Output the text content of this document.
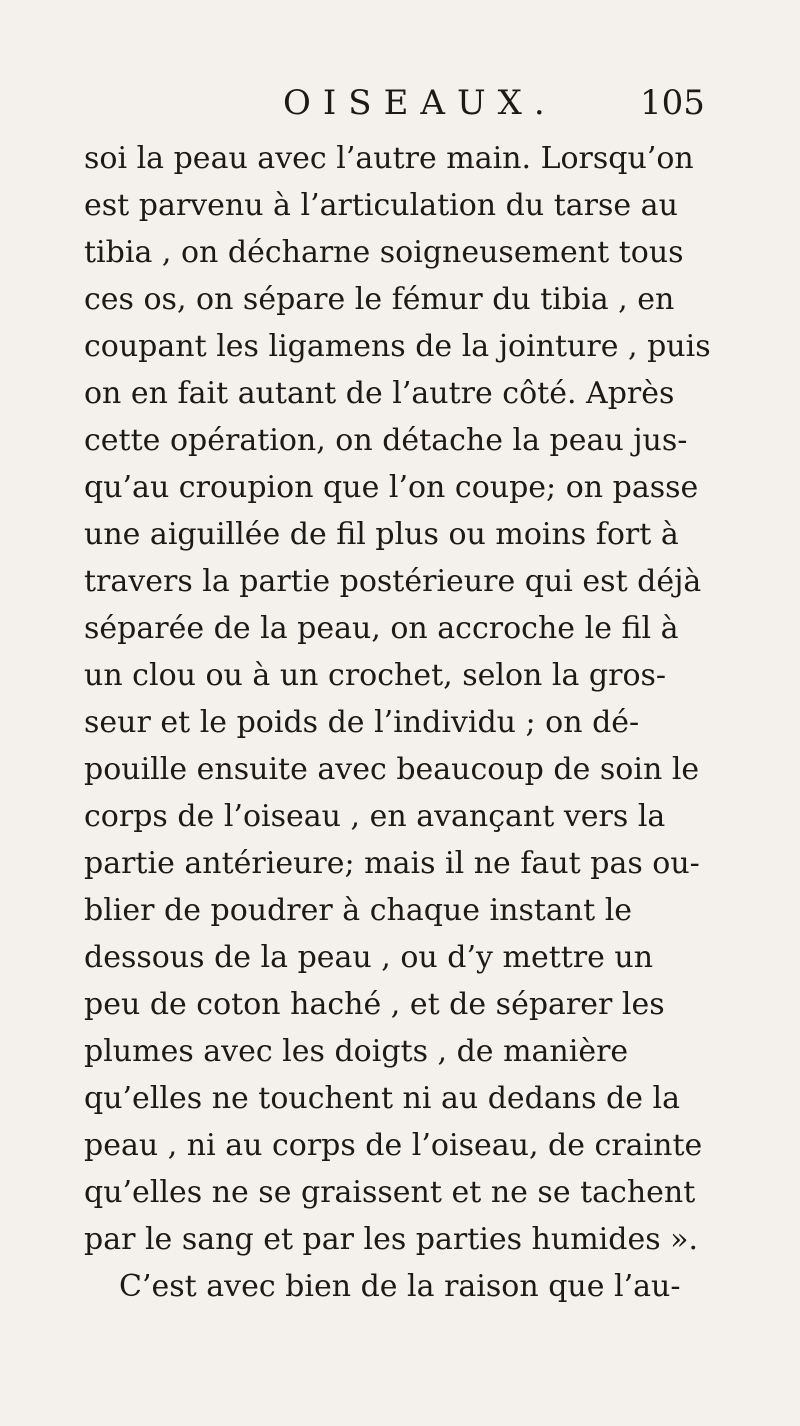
OISEAUX. 105
soi la peau avec l’autre main. Lorsqu’on
est parvenu à l’articulation du tarse au
tibia , on décharne soigneusement tous
ces os, on sépare le fémur du tibia , en
coupant les ligamens de la jointure , puis
on en fait autant de l’autre côté. Après
cette opération, on détache la peau jus-
qu’au croupion que l’on coupe; on passe
une aiguillée de fil plus ou moins fort à
travers la partie postérieure qui est déjà
séparée de la peau, on accroche le fil à
un clou ou à un crochet, selon la gros-
seur et le poids de l’individu ; on dé-
pouille ensuite avec beaucoup de soin le
corps de l’oiseau , en avançant vers la
partie antérieure; mais il ne faut pas ou-
blier de poudrer à chaque instant le
dessous de la peau , ou d’y mettre un
peu de coton haché , et de séparer les
plumes avec les doigts , de manière
qu’elles ne touchent ni au dedans de la
peau , ni au corps de l’oiseau, de crainte
qu’elles ne se graissent et ne se tachent
par le sang et par les parties humides ».
C’est avec bien de la raison que l’au-
